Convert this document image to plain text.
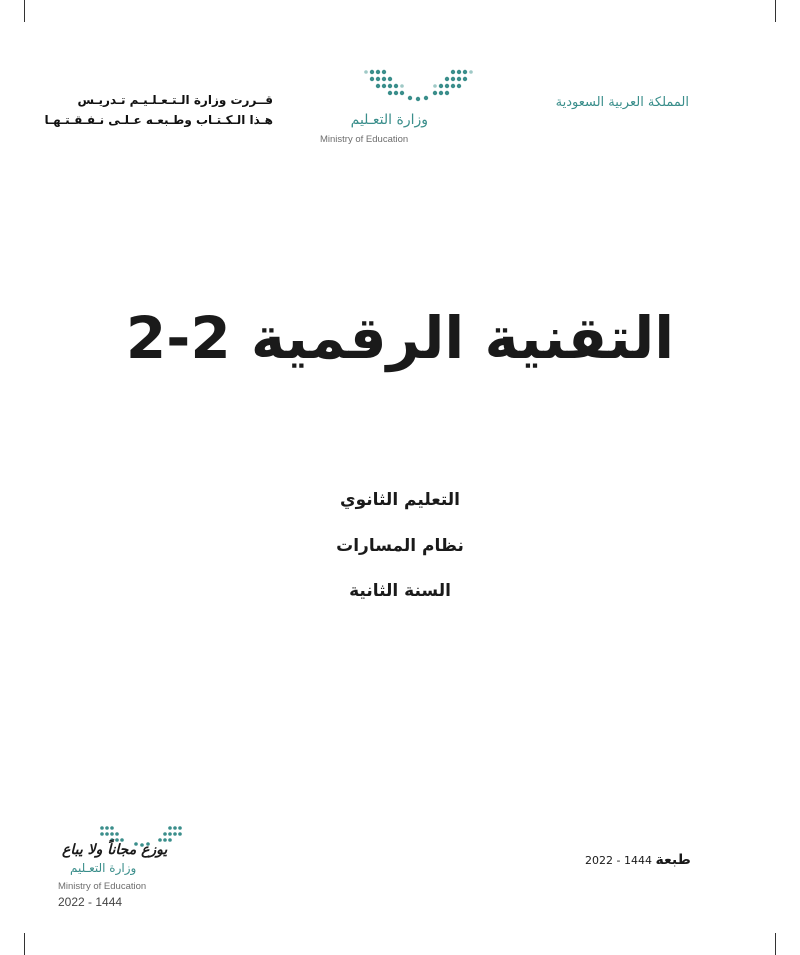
قــررت وزارة الـتـعـلـيـم تـدريـس
هـذا الـكـتـاب وطـبعـه عـلـى نـفـقـتـهـا	وزارة التعـليم
Ministry of Education
المملكة العربية السعودية
التقنية الرقمية 2-2
التعليم الثانوي
نظام المسارات
السنة الثانية
طبعة 1444 - 2022
يوزع مجاناً ولا يباع
وزارة التعـليم
Ministry of Education
2022 - 1444
